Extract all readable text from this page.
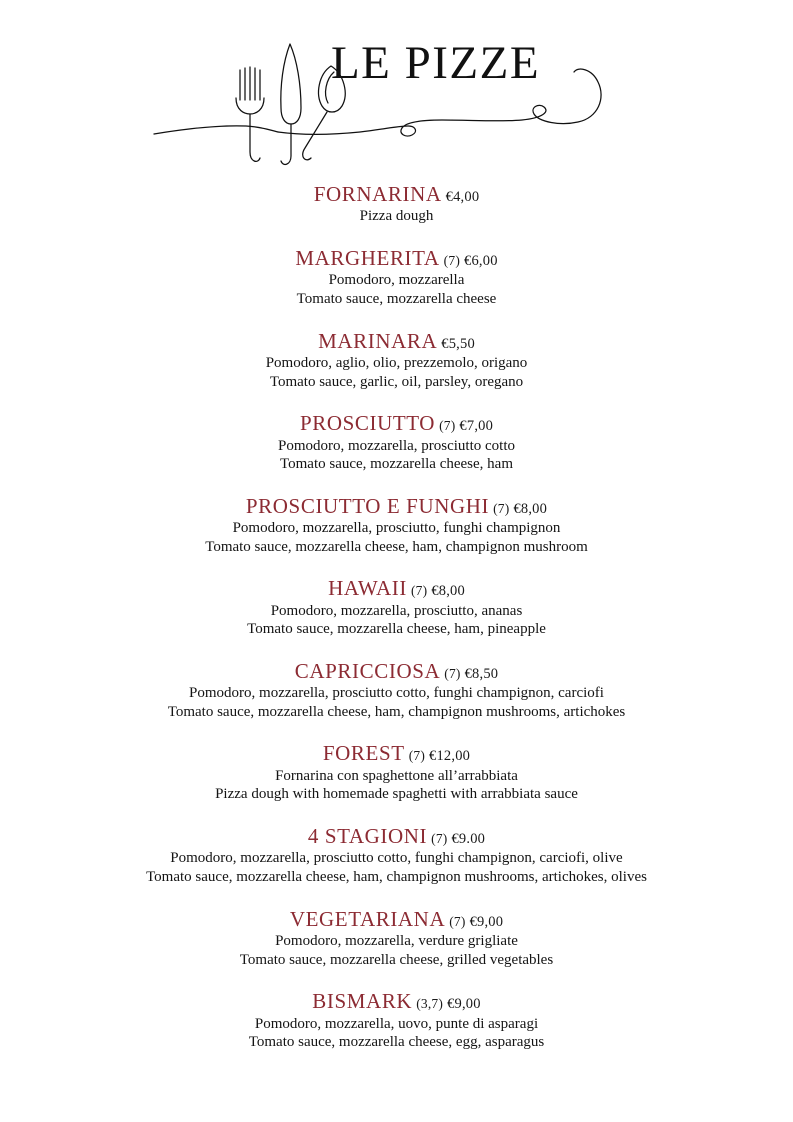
LE PIZZE
FORNARINA €4,00
Pizza dough
MARGHERITA (7) €6,00
Pomodoro, mozzarella
Tomato sauce, mozzarella cheese
MARINARA €5,50
Pomodoro, aglio, olio, prezzemolo, origano
Tomato sauce, garlic, oil, parsley, oregano
PROSCIUTTO (7) €7,00
Pomodoro, mozzarella, prosciutto cotto
Tomato sauce, mozzarella cheese, ham
PROSCIUTTO E FUNGHI (7) €8,00
Pomodoro, mozzarella, prosciutto, funghi champignon
Tomato sauce, mozzarella cheese, ham, champignon mushroom
HAWAII (7) €8,00
Pomodoro, mozzarella, prosciutto, ananas
Tomato sauce, mozzarella cheese, ham, pineapple
CAPRICCIOSA (7) €8,50
Pomodoro, mozzarella, prosciutto cotto, funghi champignon, carciofi
Tomato sauce, mozzarella cheese, ham, champignon mushrooms, artichokes
FOREST (7) €12,00
Fornarina con spaghettone all’arrabbiata
Pizza dough with homemade spaghetti with arrabbiata sauce
4 STAGIONI (7) €9.00
Pomodoro, mozzarella, prosciutto cotto, funghi champignon, carciofi, olive
Tomato sauce, mozzarella cheese, ham, champignon mushrooms, artichokes, olives
VEGETARIANA (7) €9,00
Pomodoro, mozzarella, verdure grigliate
Tomato sauce, mozzarella cheese, grilled vegetables
BISMARK (3,7) €9,00
Pomodoro, mozzarella, uovo, punte di asparagi
Tomato sauce, mozzarella cheese, egg, asparagus
